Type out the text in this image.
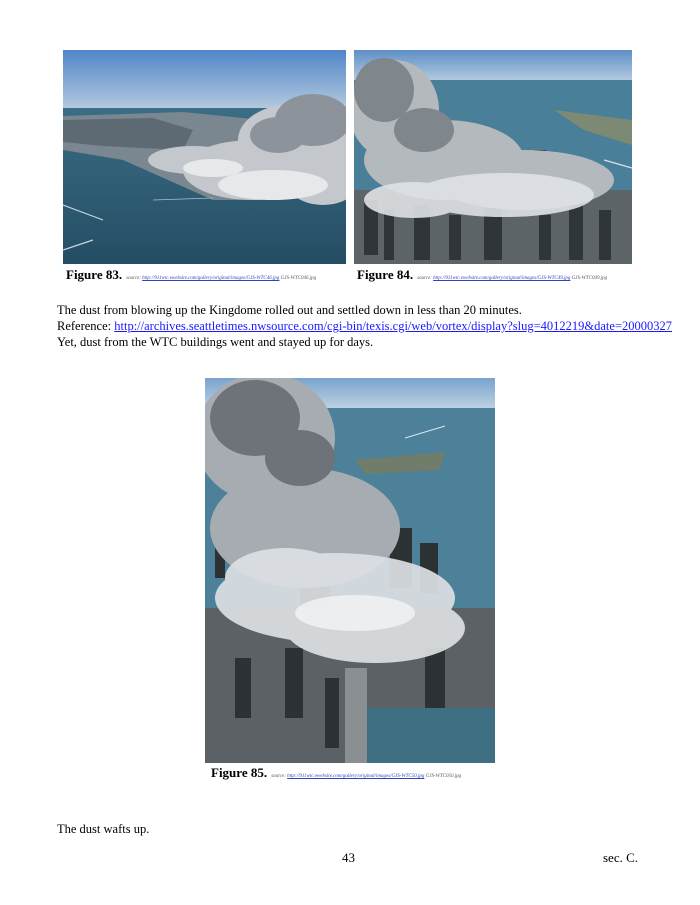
Figure 83. source: http://911wtc.ewebsite.com/gallery/original/images/GJS-WTC46.jpg GJS-WTC046.jpg	Figure 84. source: http://911wtc.ewebsite.com/gallery/original/images/GJS-WTC49.jpg GJS-WTC049.jpg
The dust from blowing up the Kingdome rolled out and settled down in less than 20 minutes.
Reference: http://archives.seattletimes.nwsource.com/cgi-bin/texis.cgi/web/vortex/display?slug=4012219&date=20000327
Yet, dust from the WTC buildings went and stayed up for days.
Figure 85. source: http://911wtc.ewebsite.com/gallery/original/images/GJS-WTC50.jpg GJS-WTC050.jpg
The dust wafts up.
43	sec. C.
